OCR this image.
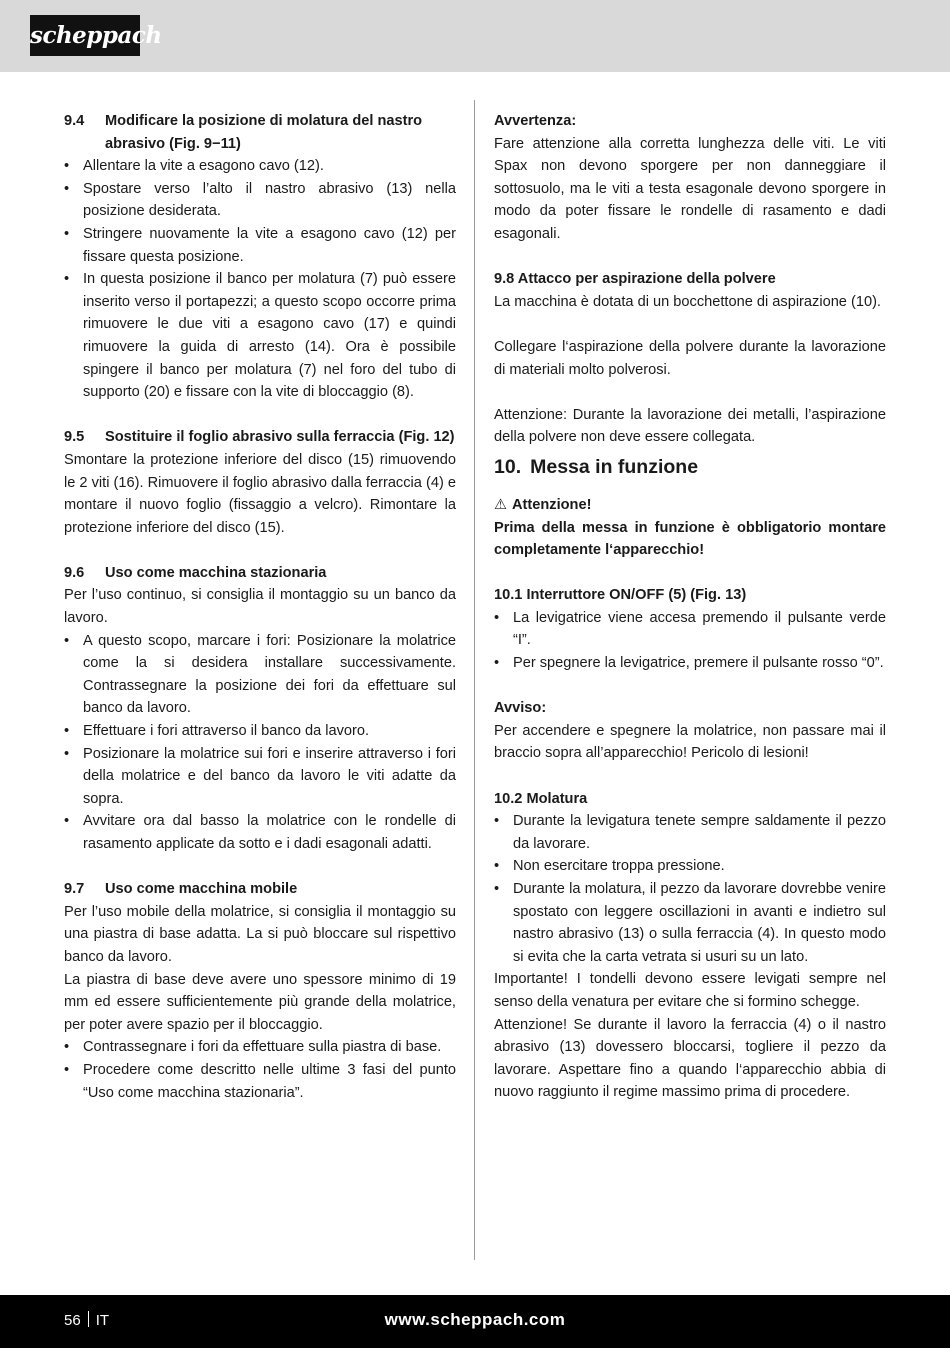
scheppach
9.4	Modificare la posizione di molatura del nastro abrasivo (Fig. 9−11)
• Allentare la vite a esagono cavo (12).
• Spostare verso l’alto il nastro abrasivo (13) nella posizione desiderata.
• Stringere nuovamente la vite a esagono cavo (12) per fissare questa posizione.
• In questa posizione il banco per molatura (7) può essere inserito verso il portapezzi; a questo scopo occorre prima rimuovere le due viti a esagono cavo (17) e quindi rimuovere la guida di arresto (14). Ora è possibile spingere il banco per molatura (7) nel foro del tubo di supporto (20) e fissare con la vite di bloccaggio (8).
9.5	Sostituire il foglio abrasivo sulla ferraccia (Fig. 12)

Smontare la protezione inferiore del disco (15) rimuovendo le 2 viti (16). Rimuovere il foglio abrasivo dalla ferraccia (4) e montare il nuovo foglio (fissaggio a velcro). Rimontare la protezione inferiore del disco (15).

9.6	Uso come macchina stazionaria

Per l’uso continuo, si consiglia il montaggio su un banco da lavoro.

• A questo scopo, marcare i fori: Posizionare la molatrice come la si desidera installare successivamente. Contrassegnare la posizione dei fori da effettuare sul banco da lavoro.
• Effettuare i fori attraverso il banco da lavoro.
• Posizionare la molatrice sui fori e inserire attraverso i fori della molatrice e del banco da lavoro le viti adatte da sopra.
• Avvitare ora dal basso la molatrice con le rondelle di rasamento applicate da sotto e i dadi esagonali adatti.
9.7	Uso come macchina mobile

Per l’uso mobile della molatrice, si consiglia il montaggio su una piastra di base adatta. La si può bloccare sul rispettivo banco da lavoro.

La piastra di base deve avere uno spessore minimo di 19 mm ed essere sufficientemente più grande della molatrice, per poter avere spazio per il bloccaggio.

• Contrassegnare i fori da effettuare sulla piastra di base.
• Procedere come descritto nelle ultime 3 fasi del punto “Uso come macchina stazionaria”.
Avvertenza:

Fare attenzione alla corretta lunghezza delle viti. Le viti Spax non devono sporgere per non danneggiare il sottosuolo, ma le viti a testa esagonale devono sporgere in modo da poter fissare le rondelle di rasamento e dadi esagonali.

9.8 Attacco per aspirazione della polvere

La macchina è dotata di un bocchettone di aspirazione (10).

Collegare l‘aspirazione della polvere durante la lavorazione di materiali molto polverosi.

Attenzione: Durante la lavorazione dei metalli, l’aspirazione della polvere non deve essere collegata.

10. Messa in funzione
⚠ Attenzione!

Prima della messa in funzione è obbligatorio montare completamente l‘apparecchio!

10.1 Interruttore ON/OFF (5) (Fig. 13)
• La levigatrice viene accesa premendo il pulsante verde “I”.
• Per spegnere la levigatrice, premere il pulsante rosso “0”.
Avviso:

Per accendere e spegnere la molatrice, non passare mai il braccio sopra all’apparecchio! Pericolo di lesioni!

10.2 Molatura
• Durante la levigatura tenete sempre saldamente il pezzo da lavorare.
• Non esercitare troppa pressione.
• Durante la molatura, il pezzo da lavorare dovrebbe venire spostato con leggere oscillazioni in avanti e indietro sul nastro abrasivo (13) o sulla ferraccia (4). In questo modo si evita che la carta vetrata si usuri su un lato.

Importante! I tondelli devono essere levigati sempre nel senso della venatura per evitare che si formino schegge.

Attenzione! Se durante il lavoro la ferraccia (4) o il nastro abrasivo (13) dovessero bloccarsi, togliere il pezzo da lavorare. Aspettare fino a quando l‘apparecchio abbia di nuovo raggiunto il regime massimo prima di procedere.

56 IT	www.scheppach.com
